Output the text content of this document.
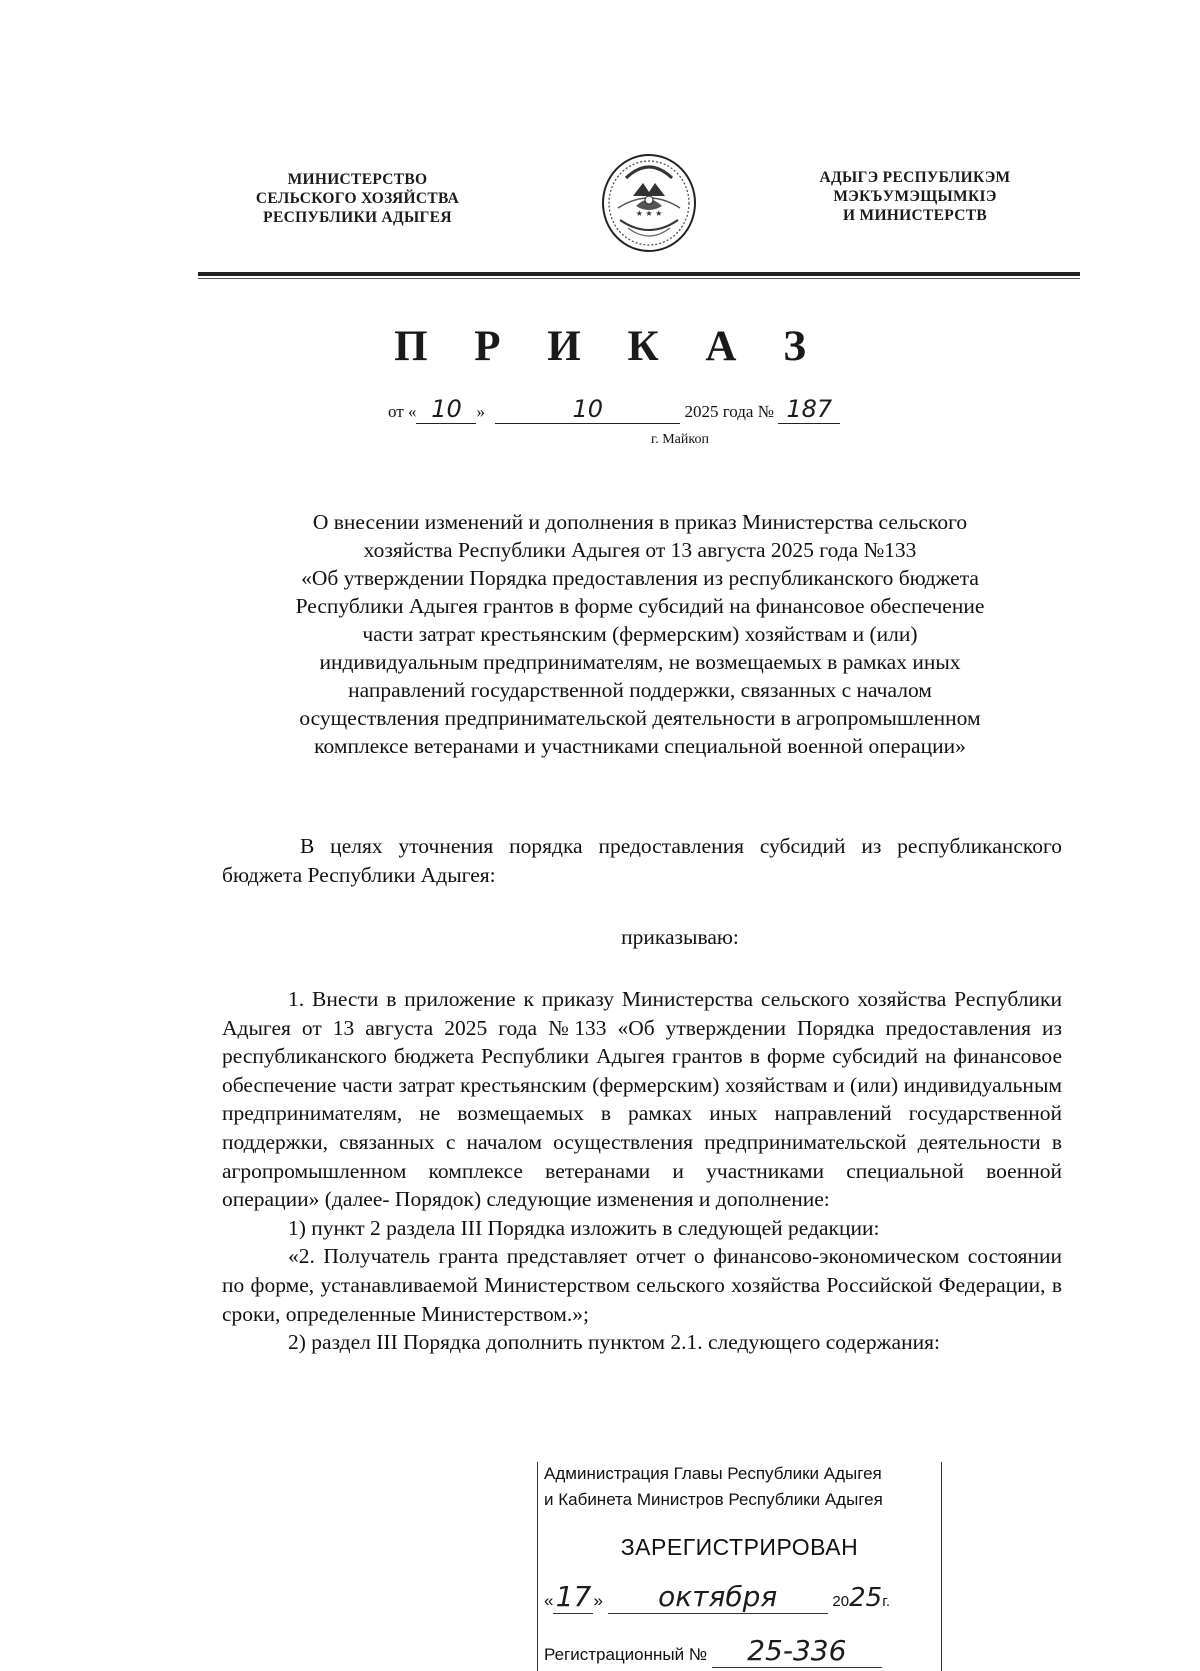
МИНИСТЕРСТВО
СЕЛЬСКОГО ХОЗЯЙСТВА
РЕСПУБЛИКИ АДЫГЕЯ	★ ★ ★
АДЫГЭ РЕСПУБЛИКЭМ
МЭКЪУМЭЩЫМКIЭ
И МИНИСТЕРСТВ
П Р И К А З
от « 10 »	10	2025 года № 187
г. Майкоп
О внесении изменений и дополнения в приказ Министерства сельского
хозяйства Республики Адыгея от 13 августа 2025 года №133
«Об утверждении Порядка предоставления из республиканского бюджета
Республики Адыгея грантов в форме субсидий на финансовое обеспечение
части затрат крестьянским (фермерским) хозяйствам и (или)
индивидуальным предпринимателям, не возмещаемых в рамках иных
направлений государственной поддержки, связанных с началом
осуществления предпринимательской деятельности в агропромышленном
комплексе ветеранами и участниками специальной военной операции»
В целях уточнения порядка предоставления субсидий из республиканского бюджета Республики Адыгея:
приказываю:

1. Внести в приложение к приказу Министерства сельского хозяйства Республики Адыгея от 13 августа 2025 года №133 «Об утверждении Порядка предоставления из республиканского бюджета Республики Адыгея грантов в форме субсидий на финансовое обеспечение части затрат крестьянским (фермерским) хозяйствам и (или) индивидуальным предпринимателям, не возмещаемых в рамках иных направлений государственной поддержки, связанных с началом осуществления предпринимательской деятельности в агропромышленном комплексе ветеранами и участниками специальной военной операции» (далее- Порядок) следующие изменения и дополнение:

1) пункт 2 раздела III Порядка изложить в следующей редакции:

«2. Получатель гранта представляет отчет о финансово-экономическом состоянии по форме, устанавливаемой Министерством сельского хозяйства Российской Федерации, в сроки, определенные Министерством.»;

2) раздел III Порядка дополнить пунктом 2.1. следующего содержания:

Администрация Главы Республики Адыгея
и Кабинета Министров Республики Адыгея
ЗАРЕГИСТРИРОВАН
«17 » октября	2025г.
Регистрационный № 25-336
